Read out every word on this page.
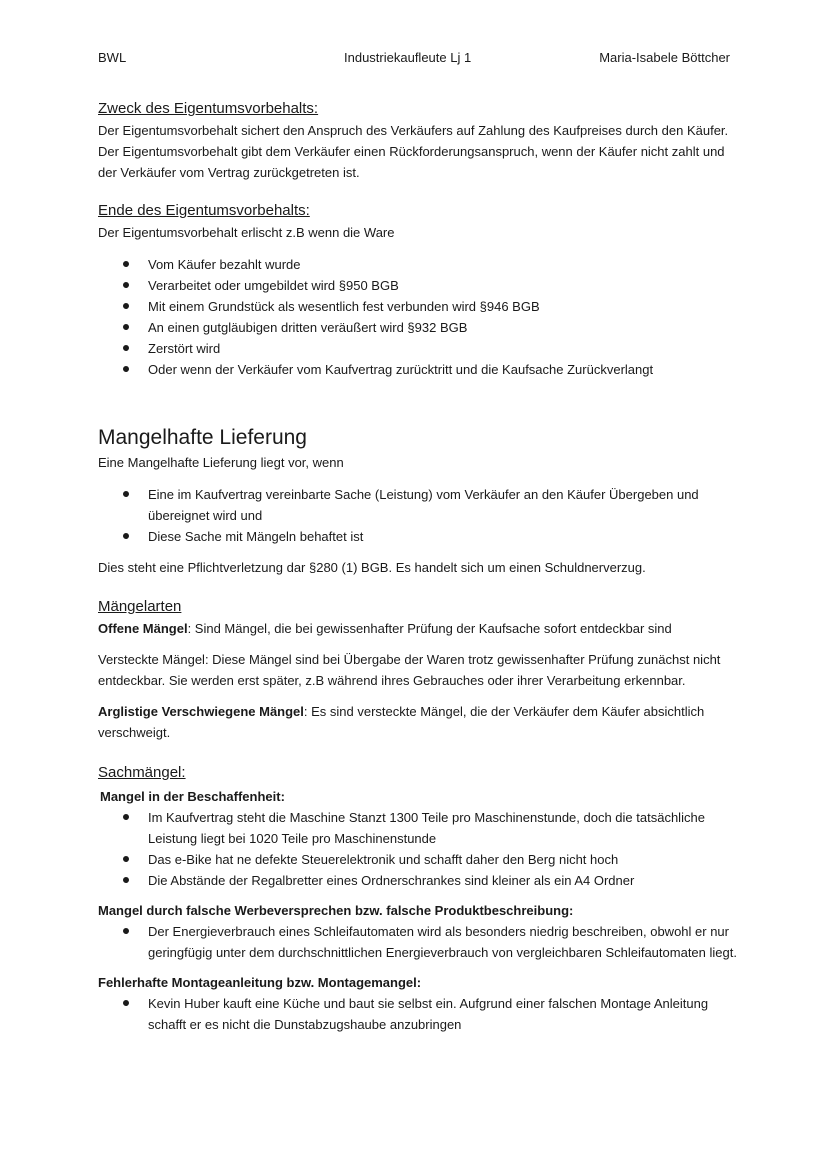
BWL	Industriekaufleute Lj 1	Maria-Isabele Böttcher
Zweck des Eigentumsvorbehalts:

Der Eigentumsvorbehalt sichert den Anspruch des Verkäufers auf Zahlung des Kaufpreises durch den Käufer. Der Eigentumsvorbehalt gibt dem Verkäufer einen Rückforderungsanspruch, wenn der Käufer nicht zahlt und der Verkäufer vom Vertrag zurückgetreten ist.

Ende des Eigentumsvorbehalts:

Der Eigentumsvorbehalt erlischt z.B wenn die Ware

Vom Käufer bezahlt wurde
Verarbeitet oder umgebildet wird §950 BGB
Mit einem Grundstück als wesentlich fest verbunden wird §946 BGB
An einen gutgläubigen dritten veräußert wird §932 BGB
Zerstört wird
Oder wenn der Verkäufer vom Kaufvertrag zurücktritt und die Kaufsache Zurückverlangt
Mangelhafte Lieferung

Eine Mangelhafte Lieferung liegt vor, wenn

Eine im Kaufvertrag vereinbarte Sache (Leistung) vom Verkäufer an den Käufer Übergeben und übereignet wird und
Diese Sache mit Mängeln behaftet ist

Dies steht eine Pflichtverletzung dar §280 (1) BGB. Es handelt sich um einen Schuldnerverzug.

Mängelarten

Offene Mängel: Sind Mängel, die bei gewissenhafter Prüfung der Kaufsache sofort entdeckbar sind

Versteckte Mängel: Diese Mängel sind bei Übergabe der Waren trotz gewissenhafter Prüfung zunächst nicht entdeckbar. Sie werden erst später, z.B während ihres Gebrauches oder ihrer Verarbeitung erkennbar.

Arglistige Verschwiegene Mängel: Es sind versteckte Mängel, die der Verkäufer dem Käufer absichtlich verschweigt.

Sachmängel:

Mangel in der Beschaffenheit:

Im Kaufvertrag steht die Maschine Stanzt 1300 Teile pro Maschinenstunde, doch die tatsächliche Leistung liegt bei 1020 Teile pro Maschinenstunde
Das e-Bike hat ne defekte Steuerelektronik und schafft daher den Berg nicht hoch
Die Abstände der Regalbretter eines Ordnerschrankes sind kleiner als ein A4 Ordner

Mangel durch falsche Werbeversprechen bzw. falsche Produktbeschreibung:

Der Energieverbrauch eines Schleifautomaten wird als besonders niedrig beschreiben, obwohl er nur geringfügig unter dem durchschnittlichen Energieverbrauch von vergleichbaren Schleifautomaten liegt.

Fehlerhafte Montageanleitung bzw. Montagemangel:

Kevin Huber kauft eine Küche und baut sie selbst ein. Aufgrund einer falschen Montage Anleitung schafft er es nicht die Dunstabzugshaube anzubringen
